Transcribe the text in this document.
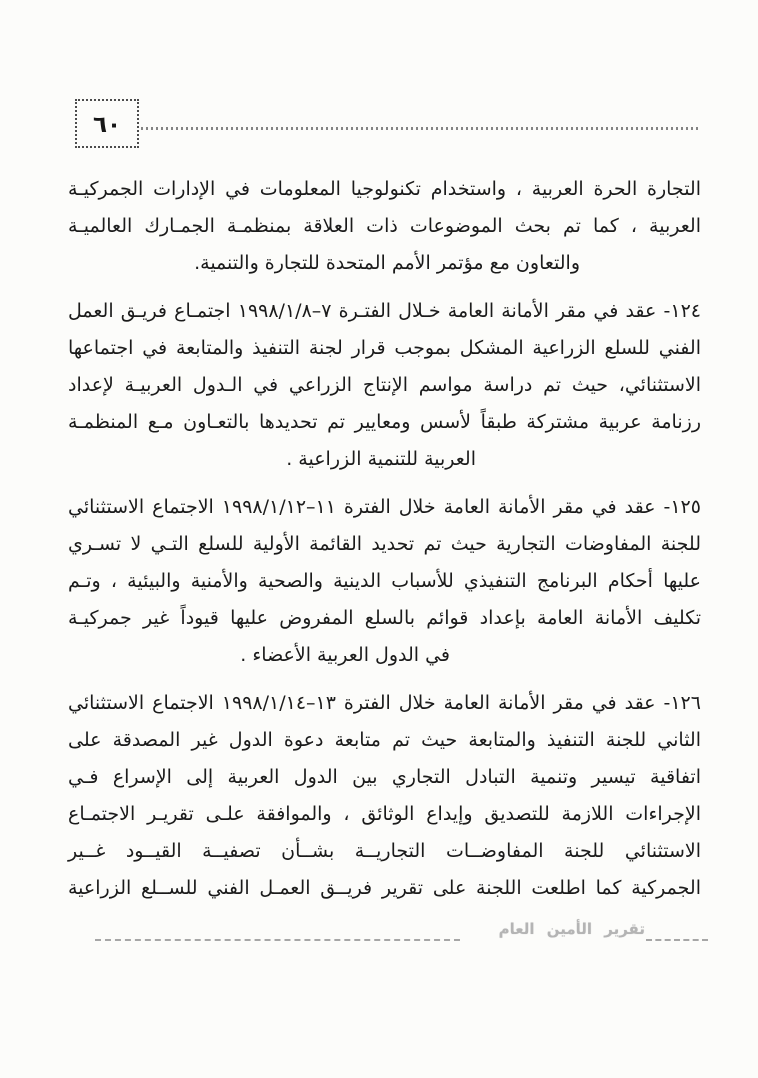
٦٠
التجارة الحرة العربية ، واستخدام تكنولوجيا المعلومات في الإدارات الجمركيـة
العربية ، كما تم بحث الموضوعات ذات العلاقة بمنظمـة الجمـارك العالميـة
والتعاون مع مؤتمر الأمم المتحدة للتجارة والتنمية.
١٢٤- عقد في مقر الأمانة العامة خـلال الفتـرة ١٩٩٨/١/٨–٧ اجتمـاع فريـق العمل
الفني للسلع الزراعية المشكل بموجب قرار لجنة التنفيذ والمتابعة في اجتماعها
الاستثنائي، حيث تم دراسة مواسم الإنتاج الزراعي في الـدول العربيـة لإعداد
رزنامة عربية مشتركة طبقاً لأسس ومعايير تم تحديدها بالتعـاون مـع المنظمـة
العربية للتنمية الزراعية .
١٢٥- عقد في مقر الأمانة العامة خلال الفترة ١٩٩٨/١/١٢–١١ الاجتماع الاستثنائي
للجنة المفاوضات التجارية حيث تم تحديد القائمة الأولية للسلع التـي لا تسـري
عليها أحكام البرنامج التنفيذي للأسباب الدينية والصحية والأمنية والبيئية ، وتـم
تكليف الأمانة العامة بإعداد قوائم بالسلع المفروض عليها قيوداً غير جمركيـة
في الدول العربية الأعضاء .
١٢٦- عقد في مقر الأمانة العامة خلال الفترة ١٩٩٨/١/١٤–١٣ الاجتماع الاستثنائي
الثاني للجنة التنفيذ والمتابعة حيث تم متابعة دعوة الدول غير المصدقة على
اتفاقية تيسير وتنمية التبادل التجاري بين الدول العربية إلى الإسراع فـي
الإجراءات اللازمة للتصديق وإيداع الوثائق ، والموافقة علـى تقريـر الاجتمـاع
الاستثنائي للجنة المفاوضــات التجاريــة بشــأن تصفيــة القيــود غــير
الجمركية كما اطلعت اللجنة على تقرير فريــق العمـل الفني للســلع الزراعية
تقرير الأمين العام
